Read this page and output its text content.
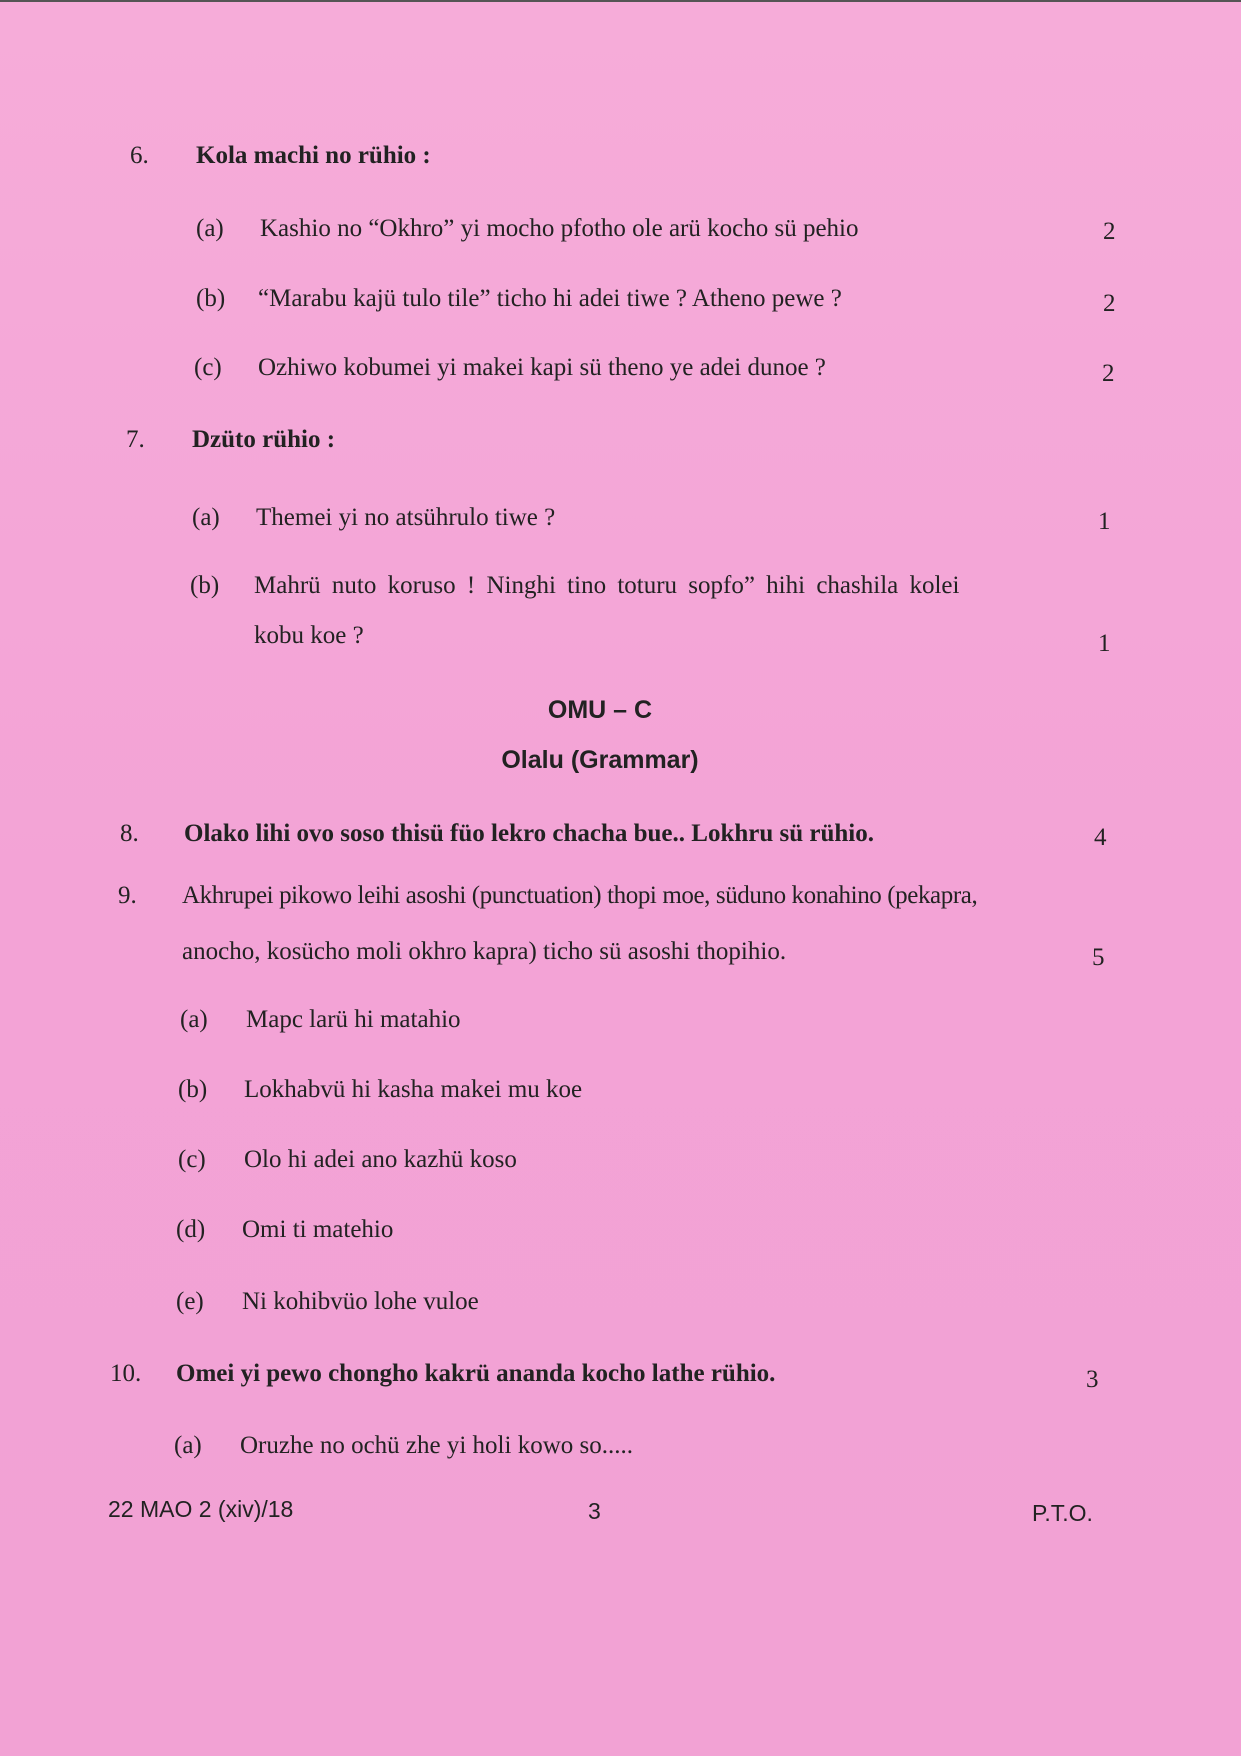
6. Kola machi no rühio :
(a) Kashio no “Okhro” yi mocho pfotho ole arü kocho sü pehio	2
(b) “Marabu kajü tulo tile” ticho hi adei tiwe ? Atheno pewe ?	2
(c) Ozhiwo kobumei yi makei kapi sü theno ye adei dunoe ?	2
7. Dzüto rühio :
(a) Themei yi no atsührulo tiwe ?	1
(b) Mahrü nuto koruso ! Ninghi tino toturu sopfo” hihi chashila kolei
kobu koe ?	1
OMU – C
Olalu (Grammar)
8. Olako lihi ovo soso thisü füo lekro chacha bue.. Lokhru sü rühio.	4
9. Akhrupei pikowo leihi asoshi (punctuation) thopi moe, süduno konahino (pekapra,
anocho, kosücho moli okhro kapra) ticho sü asoshi thopihio.	5
(a) Mapc larü hi matahio
(b) Lokhabvü hi kasha makei mu koe
(c) Olo hi adei ano kazhü koso
(d) Omi ti matehio
(e) Ni kohibvüo lohe vuloe
10. Omei yi pewo chongho kakrü ananda kocho lathe rühio.	3
(a) Oruzhe no ochü zhe yi holi kowo so.....
22 MAO 2 (xiv)/18	3	P.T.O.
